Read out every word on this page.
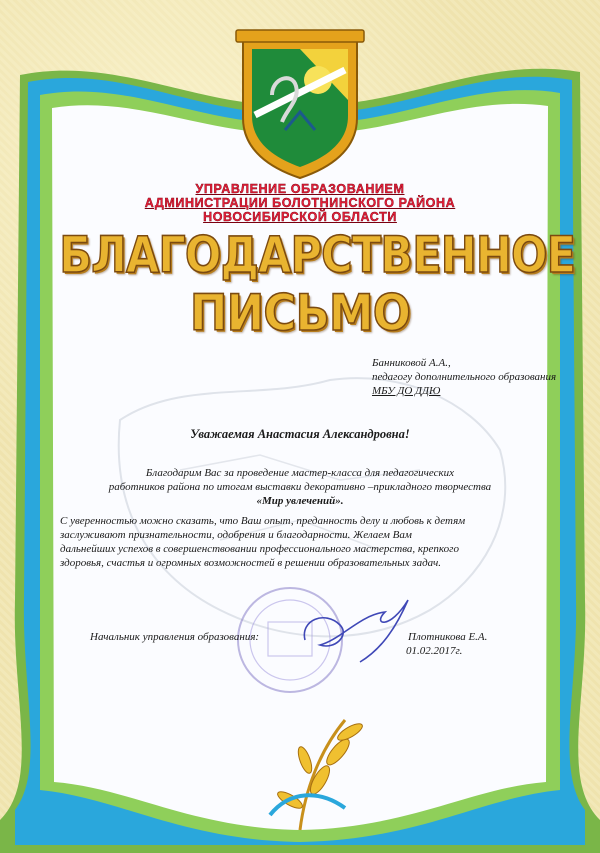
УПРАВЛЕНИЕ ОБРАЗОВАНИЕМ
АДМИНИСТРАЦИИ БОЛОТНИНСКОГО РАЙОНА
НОВОСИБИРСКОЙ ОБЛАСТИ
БЛАГОДАРСТВЕННОЕ
ПИСЬМО
Банниковой А.А.,
педагогу дополнительного образования
МБУ ДО ДДЮ
Уважаемая Анастасия Александровна!
Благодарим Вас за проведение мастер-класса для педагогических
работников района по итогам выставки декоративно –прикладного творчества
«Мир увлечений».
С уверенностью можно сказать, что Ваш опыт, преданность делу и любовь к детям
заслуживают признательности, одобрения и благодарности. Желаем Вам
дальнейших успехов в совершенствовании профессионального мастерства, крепкого
здоровья, счастья и огромных возможностей в решении образовательных задач.
Начальник управления образования:	Плотникова Е.А.
01.02.2017г.
